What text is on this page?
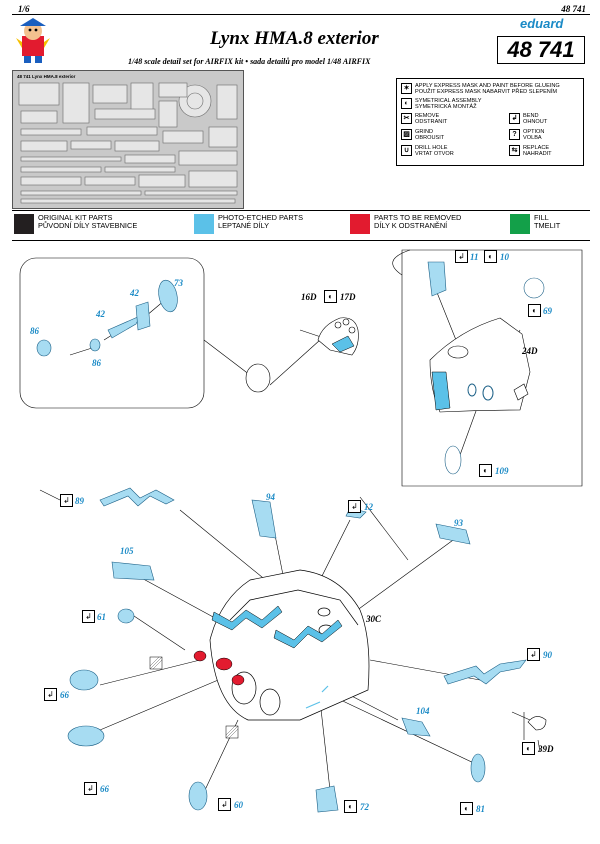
1/6	48 741
eduard
Lynx HMA.8 exterior	48 741
1/48 scale detail set for AIRFIX kit • sada detailů pro model 1/48 AIRFIX
48 741 Lynx HMA.8 exterior
✶ APPLY EXPRESS MASK AND PAINT BEFORE GLUEING
POUŽIT EXPRESS MASK NABARVIT PŘED SLEPENÍM
◐	SYMETRICAL ASSEMBLY
SYMETRICKÁ MONTÁŽ
✂ REMOVE
ODSTRANIT
↲ BEND
OHNOUT
▨ GRIND
OBROUSIT
?	OPTION
VOLBA
∪	DRILL HOLE
VRTAT OTVOR
⇆ REPLACE
NAHRADIT
ORIGINAL KIT PARTS
PŮVODNÍ DÍLY STAVEBNICE
PHOTO-ETCHED PARTS
LEPTANÉ DÍLY
PARTS TO BE REMOVED
DÍLY K ODSTRANĚNÍ
FILL
TMELIT
86
86
42
42
73
16D	◐ 17D
↲ 11	◐ 10
◐ 69
24D
◐ 109
↲ 89	94
↲ 12
93
105
↲ 61	30C
↲ 90
↲ 66
104
◐ 39D
↲ 66
↲ 60	◐ 72	◐ 81
